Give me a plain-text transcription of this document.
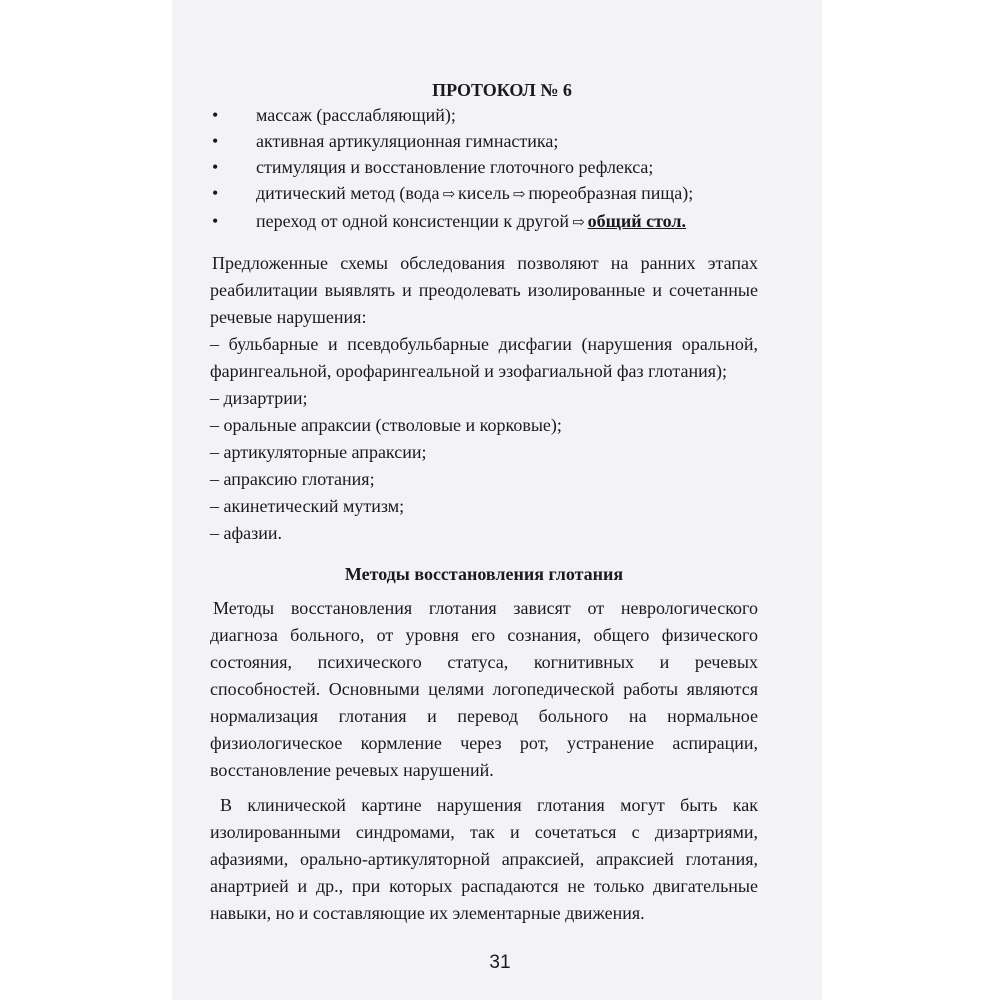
ПРОТОКОЛ № 6
• массаж (расслабляющий);
• активная артикуляционная гимнастика;
• стимуляция и восстановление глоточного рефлекса;
• дитический метод (вода ⇨ кисель ⇨ пюреобразная пища);
• переход от одной консистенции к другой ⇨ общий стол.

Предложенные схемы обследования позволяют на ранних этапах реабилитации выявлять и преодолевать изолированные и сочетанные речевые нарушения:

– бульбарные и псевдобульбарные дисфагии (нарушения оральной, фарингеальной, орофарингеальной и эзофагиальной фаз глотания);
– дизартрии;
– оральные апраксии (стволовые и корковые);
– артикуляторные апраксии;
– апраксию глотания;
– акинетический мутизм;
– афазии.
Методы восстановления глотания

Методы восстановления глотания зависят от неврологического диагноза больного, от уровня его сознания, общего физического состояния, психического статуса, когнитивных и речевых способностей. Основными целями логопедической работы являются нормализация глотания и перевод больного на нормальное физиологическое кормление через рот, устранение аспирации, восстановление речевых нарушений.

В клинической картине нарушения глотания могут быть как изолированными синдромами, так и сочетаться с дизартриями, афазиями, орально-артикуляторной апраксией, апраксией глотания, анартрией и др., при которых распадаются не только двигательные навыки, но и составляющие их элементарные движения.

31
